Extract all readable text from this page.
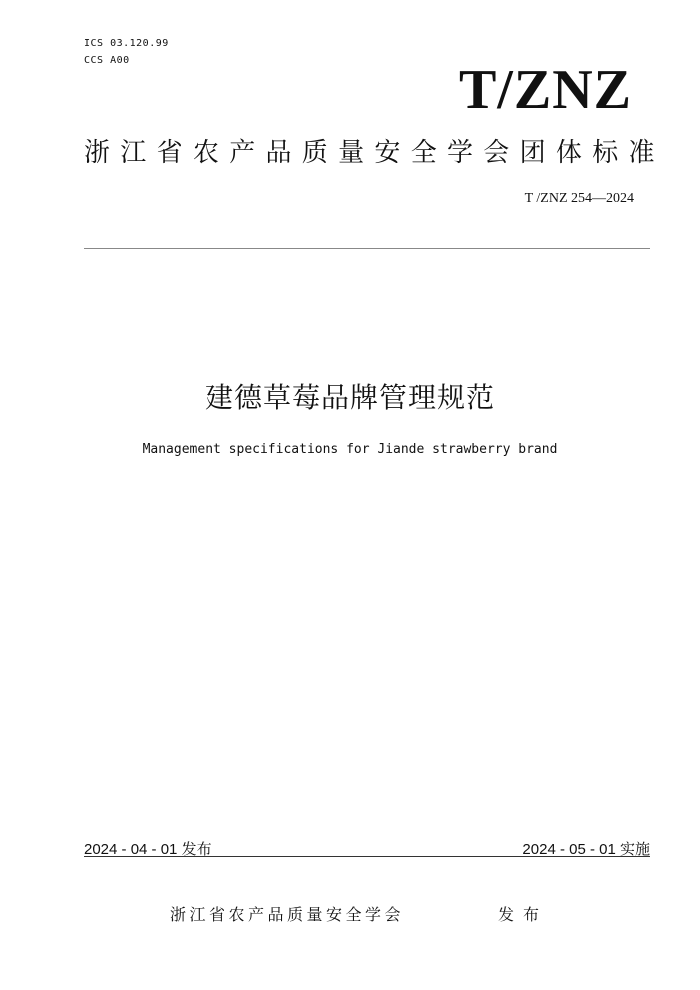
ICS 03.120.99
CCS A00	T/ZNZ
浙江省农产品质量安全学会团体标准
T /ZNZ 254—2024
建德草莓品牌管理规范
Management specifications for Jiande strawberry brand
2024 - 04 - 01 发布	2024 - 05 - 01 实施
浙江省农产品质量安全学会	发布
